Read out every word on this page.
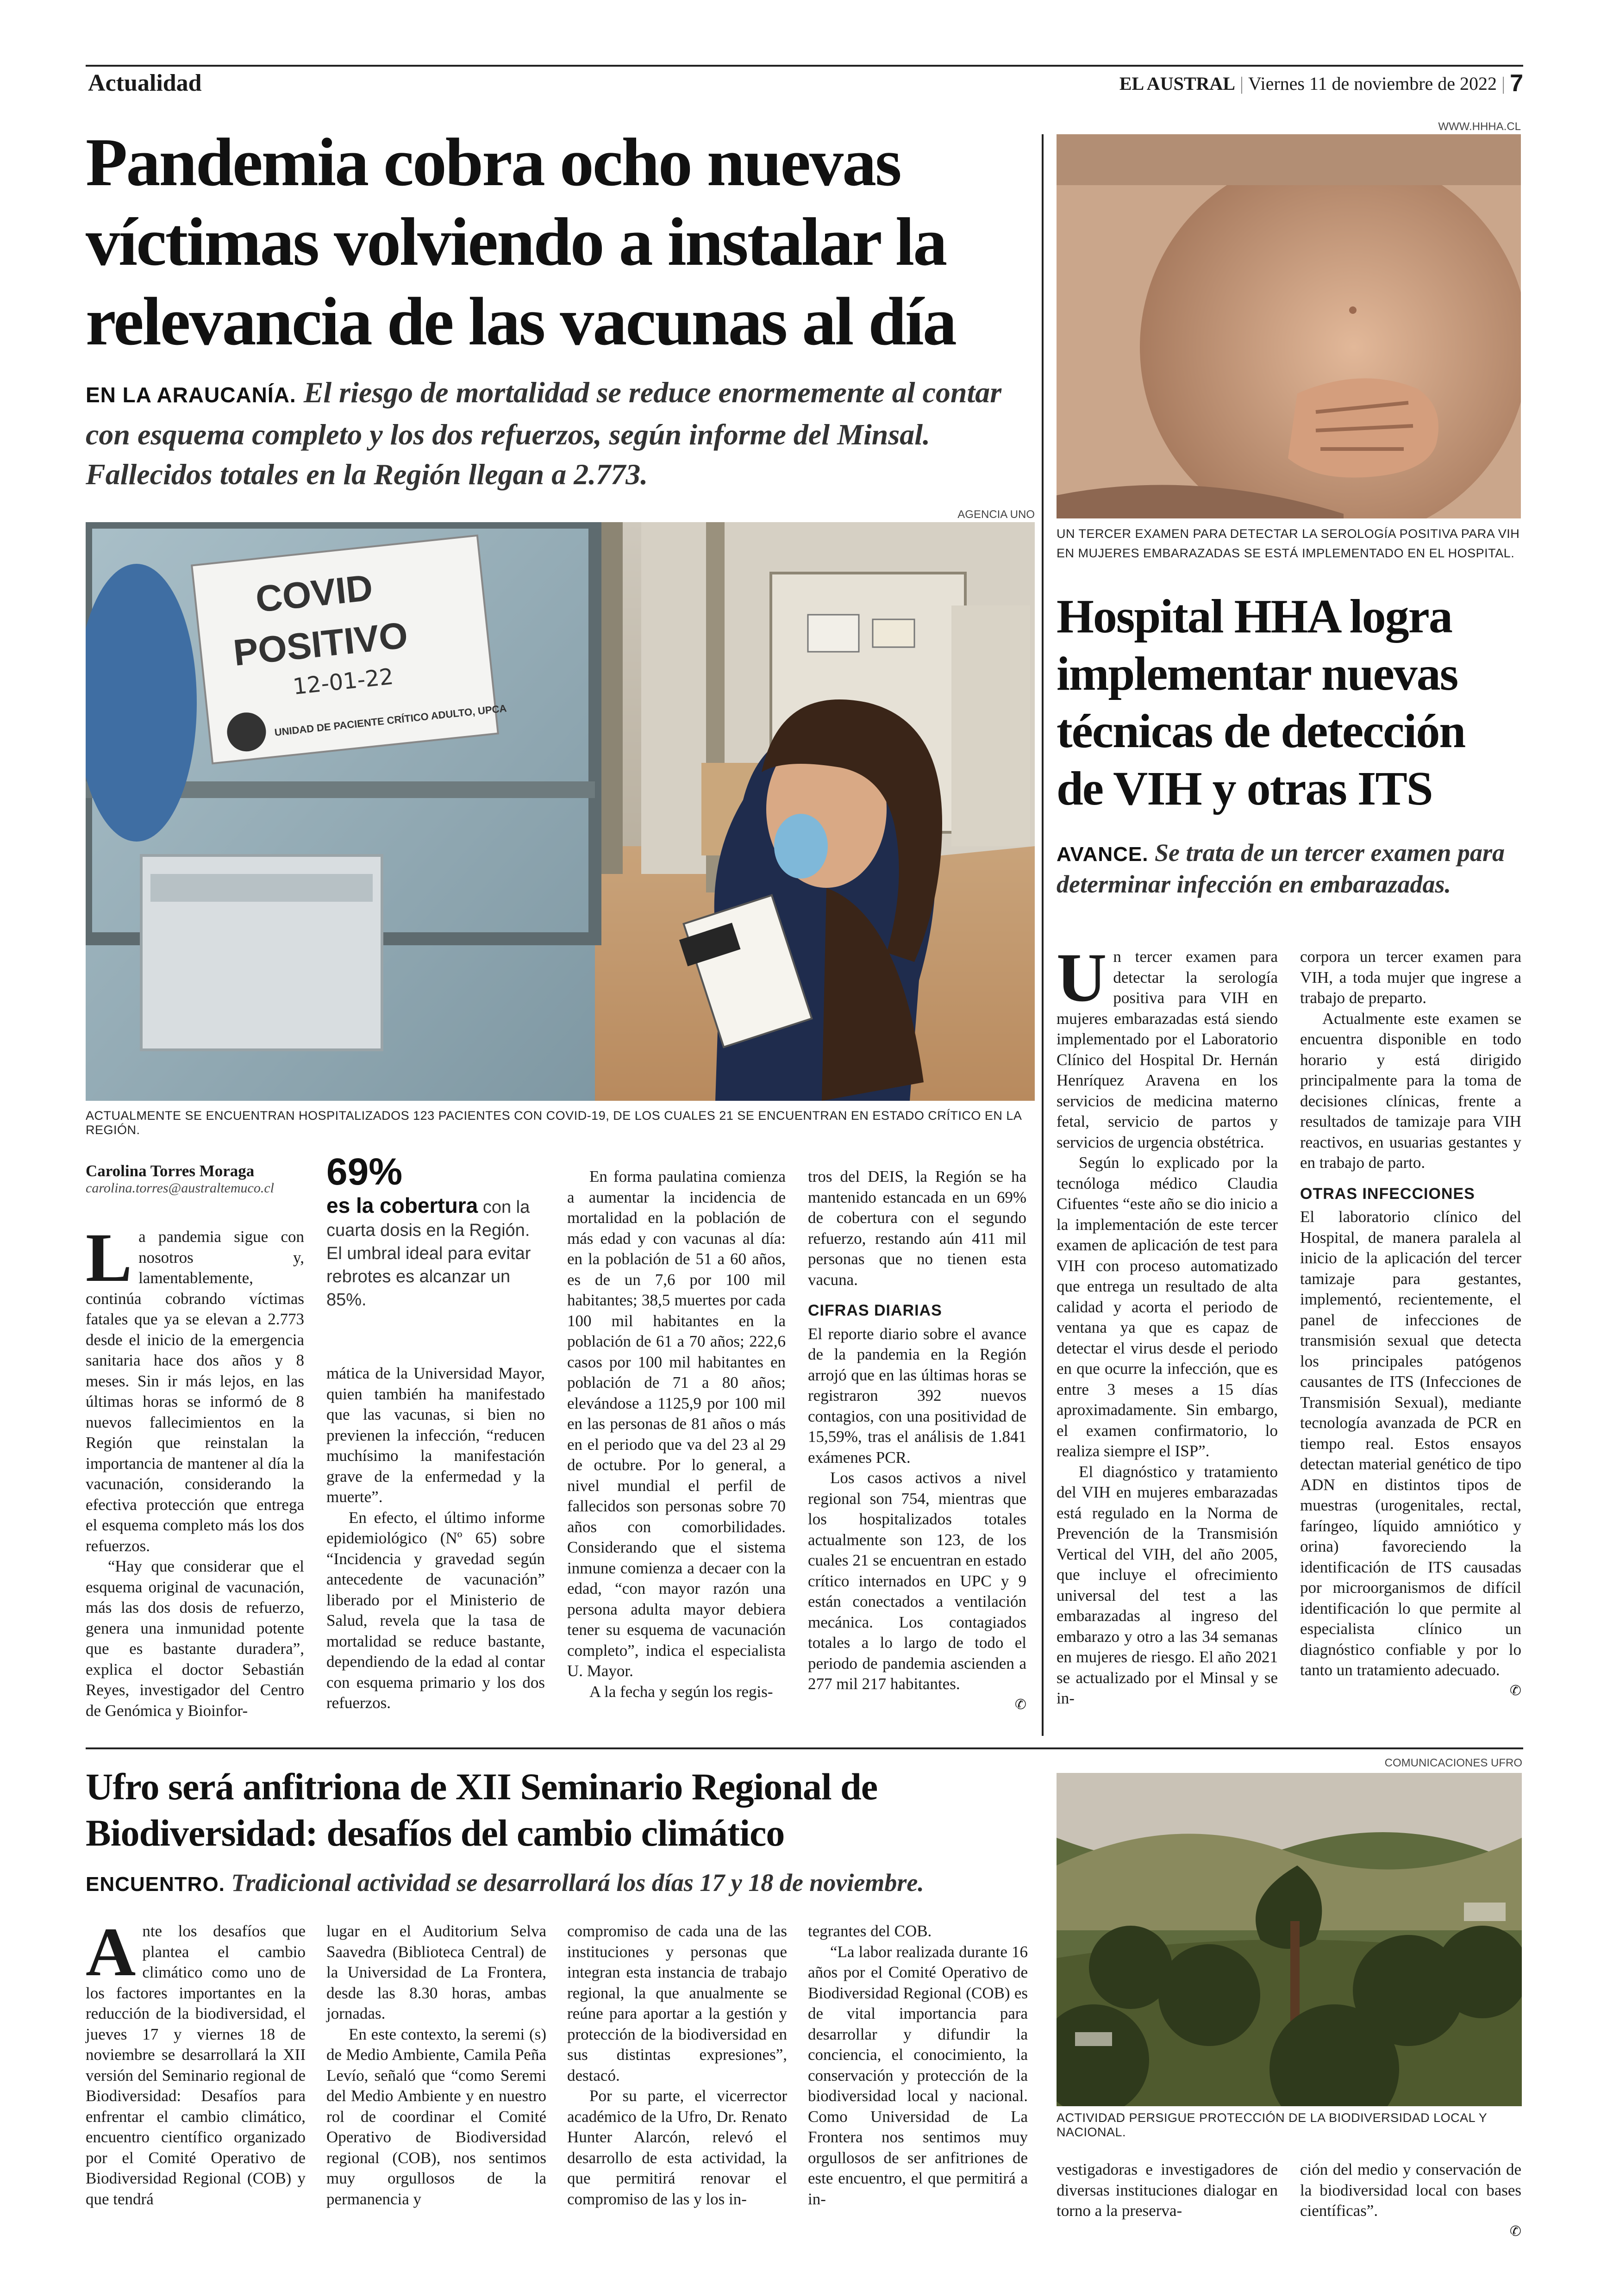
Actualidad	EL AUSTRAL | Viernes 11 de noviembre de 2022 | 7
Pandemia cobra ocho nuevas víctimas volviendo a instalar la relevancia de las vacunas al día
EN LA ARAUCANÍA. El riesgo de mortalidad se reduce enormemente al contar con esquema completo y los dos refuerzos, según informe del Minsal. Fallecidos totales en la Región llegan a 2.773.
AGENCIA UNO
COVID
POSITIVO
12-01-22
UNIDAD DE PACIENTE CRÍTICO ADULTO, UPCA
ACTUALMENTE SE ENCUENTRAN HOSPITALIZADOS 123 PACIENTES CON COVID-19, DE LOS CUALES 21 SE ENCUENTRAN EN ESTADO CRÍTICO EN LA REGIÓN.
Carolina Torres Moraga
carolina.torres@australtemuco.cl	69%
es la cobertura con la cuarta dosis en la Región. El umbral ideal para evitar rebrotes es alcanzar un 85%.

La pandemia sigue con nosotros y, lamentablemente, continúa cobrando víctimas fatales que ya se elevan a 2.773 desde el inicio de la emergencia sanitaria hace dos años y 8 meses. Sin ir más lejos, en las últimas horas se informó de 8 nuevos fallecimientos en la Región que reinstalan la importancia de mantener al día la vacunación, considerando la efectiva protección que entrega el esquema completo más los dos refuerzos.

“Hay que considerar que el esquema original de vacunación, más las dos dosis de refuerzo, genera una inmunidad potente que es bastante duradera”, explica el doctor Sebastián Reyes, investigador del Centro de Genómica y Bioinfor-

mática de la Universidad Mayor, quien también ha manifestado que las vacunas, si bien no previenen la infección, “reducen muchísimo la manifestación grave de la enfermedad y la muerte”.

En efecto, el último informe epidemiológico (Nº 65) sobre “Incidencia y gravedad según antecedente de vacunación” liberado por el Ministerio de Salud, revela que la tasa de mortalidad se reduce bastante, dependiendo de la edad al contar con esquema primario y los dos refuerzos.

En forma paulatina comienza a aumentar la incidencia de mortalidad en la población de más edad y con vacunas al día: en la población de 51 a 60 años, es de un 7,6 por 100 mil habitantes; 38,5 muertes por cada 100 mil habitantes en la población de 61 a 70 años; 222,6 casos por 100 mil habitantes en población de 71 a 80 años; elevándose a 1125,9 por 100 mil en las personas de 81 años o más en el periodo que va del 23 al 29 de octubre. Por lo general, a nivel mundial el perfil de fallecidos son personas sobre 70 años con comorbilidades. Considerando que el sistema inmune comienza a decaer con la edad, “con mayor razón una persona adulta mayor debiera tener su esquema de vacunación completo”, indica el especialista U. Mayor.

A la fecha y según los regis-

tros del DEIS, la Región se ha mantenido estancada en un 69% de cobertura con el segundo refuerzo, restando aún 411 mil personas que no tienen esta vacuna.

CIFRAS DIARIAS

El reporte diario sobre el avance de la pandemia en la Región arrojó que en las últimas horas se registraron 392 nuevos contagios, con una positividad de 15,59%, tras el análisis de 1.841 exámenes PCR.

Los casos activos a nivel regional son 754, mientras que los hospitalizados totales actualmente son 123, de los cuales 21 se encuentran en estado crítico internados en UPC y 9 están conectados a ventilación mecánica. Los contagiados totales a lo largo de todo el periodo de pandemia ascienden a 277 mil 217 habitantes.

✆
WWW.HHHA.CL
UN TERCER EXAMEN PARA DETECTAR LA SEROLOGÍA POSITIVA PARA VIH EN MUJERES EMBARAZADAS SE ESTÁ IMPLEMENTADO EN EL HOSPITAL.
Hospital HHA logra implementar nuevas técnicas de detección de VIH y otras ITS
AVANCE. Se trata de un tercer examen para determinar infección en embarazadas.

Un tercer examen para detectar la serología positiva para VIH en mujeres embarazadas está siendo implementado por el Laboratorio Clínico del Hospital Dr. Hernán Henríquez Aravena en los servicios de medicina materno fetal, servicio de partos y servicios de urgencia obstétrica.

Según lo explicado por la tecnóloga médico Claudia Cifuentes “este año se dio inicio a la implementación de este tercer examen de aplicación de test para VIH con proceso automatizado que entrega un resultado de alta calidad y acorta el periodo de ventana ya que es capaz de detectar el virus desde el periodo en que ocurre la infección, que es entre 3 meses a 15 días aproximadamente. Sin embargo, el examen confirmatorio, lo realiza siempre el ISP”.

El diagnóstico y tratamiento del VIH en mujeres embarazadas está regulado en la Norma de Prevención de la Transmisión Vertical del VIH, del año 2005, que incluye el ofrecimiento universal del test a las embarazadas al ingreso del embarazo y otro a las 34 semanas en mujeres de riesgo. El año 2021 se actualizado por el Minsal y se in-

corpora un tercer examen para VIH, a toda mujer que ingrese a trabajo de preparto.

Actualmente este examen se encuentra disponible en todo horario y está dirigido principalmente para la toma de decisiones clínicas, frente a resultados de tamizaje para VIH reactivos, en usuarias gestantes y en trabajo de parto.

OTRAS INFECCIONES

El laboratorio clínico del Hospital, de manera paralela al inicio de la aplicación del tercer tamizaje para gestantes, implementó, recientemente, el panel de infecciones de transmisión sexual que detecta los principales patógenos causantes de ITS (Infecciones de Transmisión Sexual), mediante tecnología avanzada de PCR en tiempo real. Estos ensayos detectan material genético de tipo ADN en distintos tipos de muestras (urogenitales, rectal, faríngeo, líquido amniótico y orina) favoreciendo la identificación de ITS causadas por microorganismos de difícil identificación lo que permite al especialista clínico un diagnóstico confiable y por lo tanto un tratamiento adecuado.

✆
Ufro será anfitriona de XII Seminario Regional de Biodiversidad: desafíos del cambio climático
ENCUENTRO. Tradicional actividad se desarrollará los días 17 y 18 de noviembre.

Ante los desafíos que plantea el cambio climático como uno de los factores importantes en la reducción de la biodiversidad, el jueves 17 y viernes 18 de noviembre se desarrollará la XII versión del Seminario regional de Biodiversidad: Desafíos para enfrentar el cambio climático, encuentro científico organizado por el Comité Operativo de Biodiversidad Regional (COB) y que tendrá

lugar en el Auditorium Selva Saavedra (Biblioteca Central) de la Universidad de La Frontera, desde las 8.30 horas, ambas jornadas.

En este contexto, la seremi (s) de Medio Ambiente, Camila Peña Levío, señaló que “como Seremi del Medio Ambiente y en nuestro rol de coordinar el Comité Operativo de Biodiversidad regional (COB), nos sentimos muy orgullosos de la permanencia y

compromiso de cada una de las instituciones y personas que integran esta instancia de trabajo regional, la que anualmente se reúne para aportar a la gestión y protección de la biodiversidad en sus distintas expresiones”, destacó.

Por su parte, el vicerrector académico de la Ufro, Dr. Renato Hunter Alarcón, relevó el desarrollo de esta actividad, la que permitirá renovar el compromiso de las y los in-

tegrantes del COB.

“La labor realizada durante 16 años por el Comité Operativo de Biodiversidad Regional (COB) es de vital importancia para desarrollar y difundir la conciencia, el conocimiento, la conservación y protección de la biodiversidad local y nacional. Como Universidad de La Frontera nos sentimos muy orgullosos de ser anfitriones de este encuentro, el que permitirá a in-

COMUNICACIONES UFRO
ACTIVIDAD PERSIGUE PROTECCIÓN DE LA BIODIVERSIDAD LOCAL Y NACIONAL.

vestigadoras e investigadores de diversas instituciones dialogar en torno a la preserva-

ción del medio y conservación de la biodiversidad local con bases científicas”.

✆
